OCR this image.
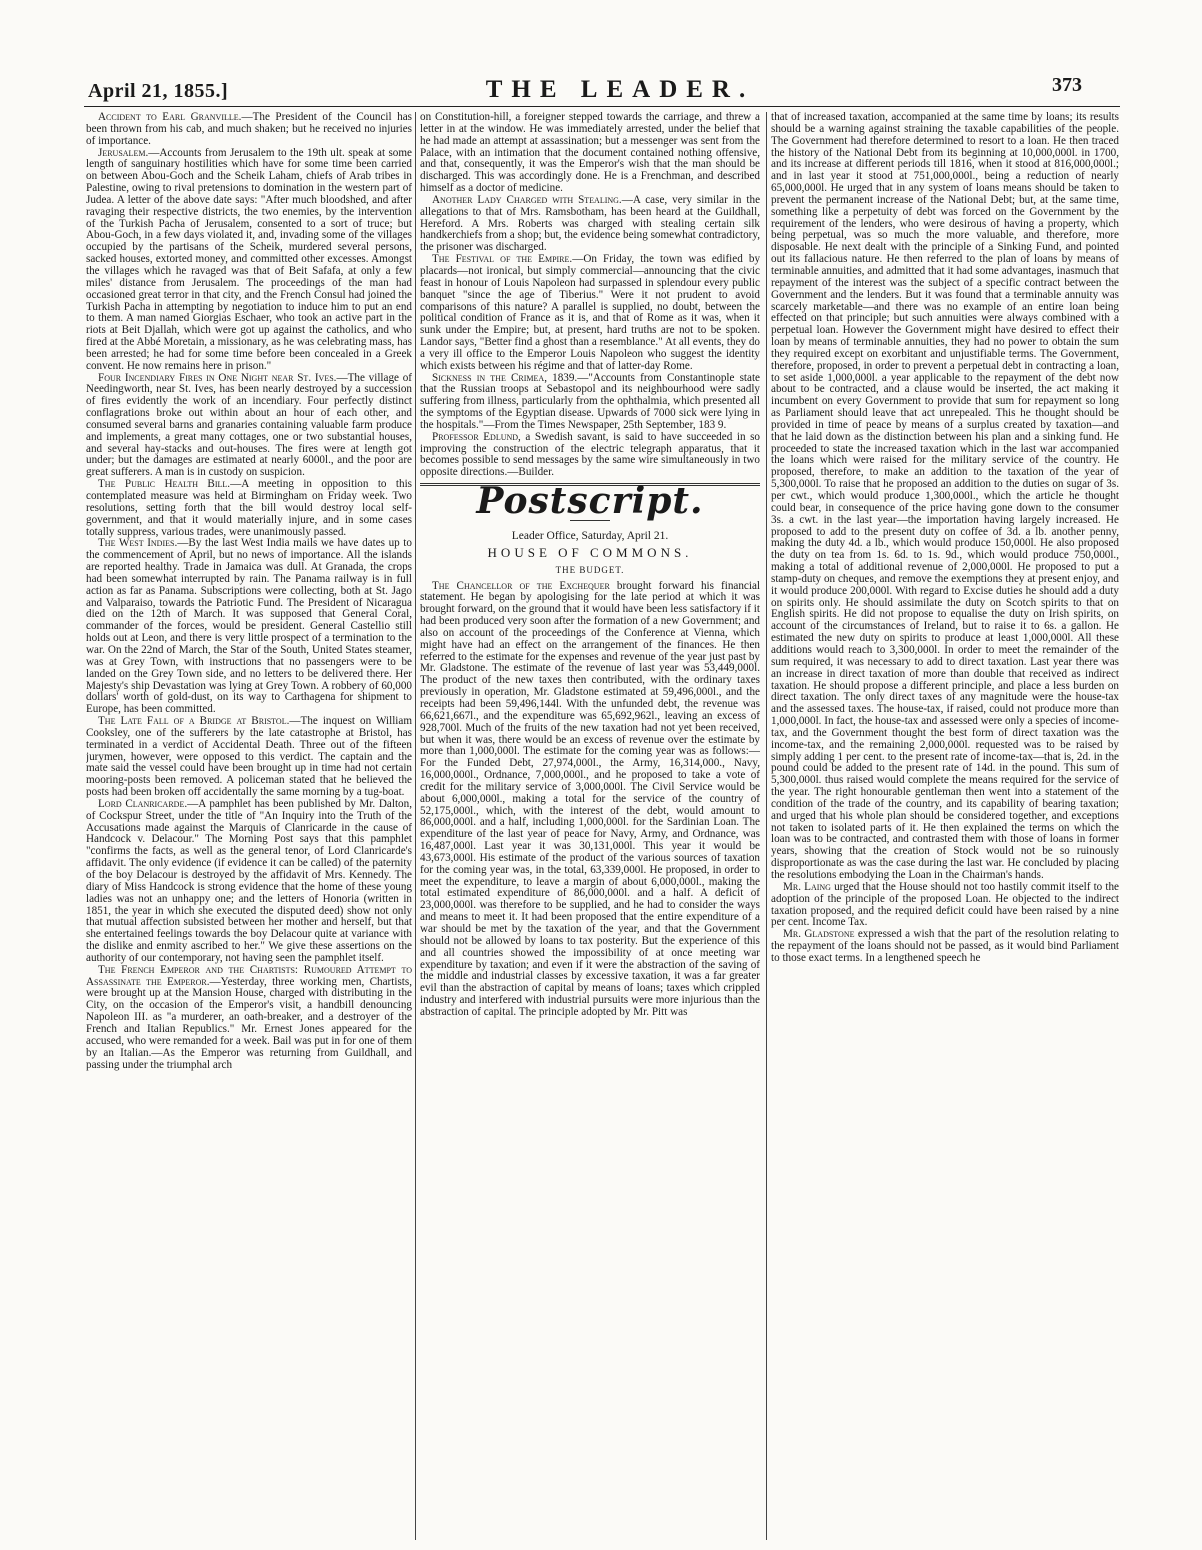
April 21, 1855.]	THE LEADER.	373

Accident to Earl Granville.—The President of the Council has been thrown from his cab, and much shaken; but he received no injuries of importance.

Jerusalem.—Accounts from Jerusalem to the 19th ult. speak at some length of sanguinary hostilities which have for some time been carried on between Abou-Goch and the Scheik Laham, chiefs of Arab tribes in Palestine, owing to rival pretensions to domination in the western part of Judea. A letter of the above date says: "After much bloodshed, and after ravaging their respective districts, the two enemies, by the intervention of the Turkish Pacha of Jerusalem, consented to a sort of truce; but Abou-Goch, in a few days violated it, and, invading some of the villages occupied by the partisans of the Scheik, murdered several persons, sacked houses, extorted money, and committed other excesses. Amongst the villages which he ravaged was that of Beit Safafa, at only a few miles' distance from Jerusalem. The proceedings of the man had occasioned great terror in that city, and the French Consul had joined the Turkish Pacha in attempting by negotiation to induce him to put an end to them. A man named Giorgias Eschaer, who took an active part in the riots at Beit Djallah, which were got up against the catholics, and who fired at the Abbé Moretain, a missionary, as he was celebrating mass, has been arrested; he had for some time before been concealed in a Greek convent. He now remains here in prison."

Four Incendiary Fires in One Night near St. Ives.—The village of Needingworth, near St. Ives, has been nearly destroyed by a succession of fires evidently the work of an incendiary. Four perfectly distinct conflagrations broke out within about an hour of each other, and consumed several barns and granaries containing valuable farm produce and implements, a great many cottages, one or two substantial houses, and several hay-stacks and out-houses. The fires were at length got under; but the damages are estimated at nearly 6000l., and the poor are great sufferers. A man is in custody on suspicion.

The Public Health Bill.—A meeting in opposition to this contemplated measure was held at Birmingham on Friday week. Two resolutions, setting forth that the bill would destroy local self-government, and that it would materially injure, and in some cases totally suppress, various trades, were unanimously passed.

The West Indies.—By the last West India mails we have dates up to the commencement of April, but no news of importance. All the islands are reported healthy. Trade in Jamaica was dull. At Granada, the crops had been somewhat interrupted by rain. The Panama railway is in full action as far as Panama. Subscriptions were collecting, both at St. Jago and Valparaiso, towards the Patriotic Fund. The President of Nicaragua died on the 12th of March. It was supposed that General Coral, commander of the forces, would be president. General Castellio still holds out at Leon, and there is very little prospect of a termination to the war. On the 22nd of March, the Star of the South, United States steamer, was at Grey Town, with instructions that no passengers were to be landed on the Grey Town side, and no letters to be delivered there. Her Majesty's ship Devastation was lying at Grey Town. A robbery of 60,000 dollars' worth of gold-dust, on its way to Carthagena for shipment to Europe, has been committed.

The Late Fall of a Bridge at Bristol.—The inquest on William Cooksley, one of the sufferers by the late catastrophe at Bristol, has terminated in a verdict of Accidental Death. Three out of the fifteen jurymen, however, were opposed to this verdict. The captain and the mate said the vessel could have been brought up in time had not certain mooring-posts been removed. A policeman stated that he believed the posts had been broken off accidentally the same morning by a tug-boat.

Lord Clanricarde.—A pamphlet has been published by Mr. Dalton, of Cockspur Street, under the title of "An Inquiry into the Truth of the Accusations made against the Marquis of Clanricarde in the cause of Handcock v. Delacour." The Morning Post says that this pamphlet "confirms the facts, as well as the general tenor, of Lord Clanricarde's affidavit. The only evidence (if evidence it can be called) of the paternity of the boy Delacour is destroyed by the affidavit of Mrs. Kennedy. The diary of Miss Handcock is strong evidence that the home of these young ladies was not an unhappy one; and the letters of Honoria (written in 1851, the year in which she executed the disputed deed) show not only that mutual affection subsisted between her mother and herself, but that she entertained feelings towards the boy Delacour quite at variance with the dislike and enmity ascribed to her." We give these assertions on the authority of our contemporary, not having seen the pamphlet itself.

The French Emperor and the Chartists: Rumoured Attempt to Assassinate the Emperor.—Yesterday, three working men, Chartists, were brought up at the Mansion House, charged with distributing in the City, on the occasion of the Emperor's visit, a handbill denouncing Napoleon III. as "a murderer, an oath-breaker, and a destroyer of the French and Italian Republics." Mr. Ernest Jones appeared for the accused, who were remanded for a week. Bail was put in for one of them by an Italian.—As the Emperor was returning from Guildhall, and passing under the triumphal arch

on Constitution-hill, a foreigner stepped towards the carriage, and threw a letter in at the window. He was immediately arrested, under the belief that he had made an attempt at assassination; but a messenger was sent from the Palace, with an intimation that the document contained nothing offensive, and that, consequently, it was the Emperor's wish that the man should be discharged. This was accordingly done. He is a Frenchman, and described himself as a doctor of medicine.

Another Lady Charged with Stealing.—A case, very similar in the allegations to that of Mrs. Ramsbotham, has been heard at the Guildhall, Hereford. A Mrs. Roberts was charged with stealing certain silk handkerchiefs from a shop; but, the evidence being somewhat contradictory, the prisoner was discharged.

The Festival of the Empire.—On Friday, the town was edified by placards—not ironical, but simply commercial—announcing that the civic feast in honour of Louis Napoleon had surpassed in splendour every public banquet "since the age of Tiberius." Were it not prudent to avoid comparisons of this nature? A parallel is supplied, no doubt, between the political condition of France as it is, and that of Rome as it was, when it sunk under the Empire; but, at present, hard truths are not to be spoken. Landor says, "Better find a ghost than a resemblance." At all events, they do a very ill office to the Emperor Louis Napoleon who suggest the identity which exists between his régime and that of latter-day Rome.

Sickness in the Crimea, 1839.—"Accounts from Constantinople state that the Russian troops at Sebastopol and its neighbourhood were sadly suffering from illness, particularly from the ophthalmia, which presented all the symptoms of the Egyptian disease. Upwards of 7000 sick were lying in the hospitals."—From the Times Newspaper, 25th September, 183 9.

Professor Edlund, a Swedish savant, is said to have succeeded in so improving the construction of the electric telegraph apparatus, that it becomes possible to send messages by the same wire simultaneously in two opposite directions.—Builder.

Postscript.

Leader Office, Saturday, April 21.

HOUSE OF COMMONS.

THE BUDGET.

The Chancellor of the Exchequer brought forward his financial statement. He began by apologising for the late period at which it was brought forward, on the ground that it would have been less satisfactory if it had been produced very soon after the formation of a new Government; and also on account of the proceedings of the Conference at Vienna, which might have had an effect on the arrangement of the finances. He then referred to the estimate for the expenses and revenue of the year just past by Mr. Gladstone. The estimate of the revenue of last year was 53,449,000l. The product of the new taxes then contributed, with the ordinary taxes previously in operation, Mr. Gladstone estimated at 59,496,000l., and the receipts had been 59,496,144l. With the unfunded debt, the revenue was 66,621,667l., and the expenditure was 65,692,962l., leaving an excess of 928,700l. Much of the fruits of the new taxation had not yet been received, but when it was, there would be an excess of revenue over the estimate by more than 1,000,000l. The estimate for the coming year was as follows:—For the Funded Debt, 27,974,000l., the Army, 16,314,000., Navy, 16,000,000l., Ordnance, 7,000,000l., and he proposed to take a vote of credit for the military service of 3,000,000l. The Civil Service would be about 6,000,000l., making a total for the service of the country of 52,175,000l., which, with the interest of the debt, would amount to 86,000,000l. and a half, including 1,000,000l. for the Sardinian Loan. The expenditure of the last year of peace for Navy, Army, and Ordnance, was 16,487,000l. Last year it was 30,131,000l. This year it would be 43,673,000l. His estimate of the product of the various sources of taxation for the coming year was, in the total, 63,339,000l. He proposed, in order to meet the expenditure, to leave a margin of about 6,000,000l., making the total estimated expenditure of 86,000,000l. and a half. A deficit of 23,000,000l. was therefore to be supplied, and he had to consider the ways and means to meet it. It had been proposed that the entire expenditure of a war should be met by the taxation of the year, and that the Government should not be allowed by loans to tax posterity. But the experience of this and all countries showed the impossibility of at once meeting war expenditure by taxation; and even if it were the abstraction of the saving of the middle and industrial classes by excessive taxation, it was a far greater evil than the abstraction of capital by means of loans; taxes which crippled industry and interfered with industrial pursuits were more injurious than the abstraction of capital. The principle adopted by Mr. Pitt was

that of increased taxation, accompanied at the same time by loans; its results should be a warning against straining the taxable capabilities of the people. The Government had therefore determined to resort to a loan. He then traced the history of the National Debt from its beginning at 10,000,000l. in 1700, and its increase at different periods till 1816, when it stood at 816,000,000l.; and in last year it stood at 751,000,000l., being a reduction of nearly 65,000,000l. He urged that in any system of loans means should be taken to prevent the permanent increase of the National Debt; but, at the same time, something like a perpetuity of debt was forced on the Government by the requirement of the lenders, who were desirous of having a property, which being perpetual, was so much the more valuable, and therefore, more disposable. He next dealt with the principle of a Sinking Fund, and pointed out its fallacious nature. He then referred to the plan of loans by means of terminable annuities, and admitted that it had some advantages, inasmuch that repayment of the interest was the subject of a specific contract between the Government and the lenders. But it was found that a terminable annuity was scarcely marketable—and there was no example of an entire loan being effected on that principle; but such annuities were always combined with a perpetual loan. However the Government might have desired to effect their loan by means of terminable annuities, they had no power to obtain the sum they required except on exorbitant and unjustifiable terms. The Government, therefore, proposed, in order to prevent a perpetual debt in contracting a loan, to set aside 1,000,000l. a year applicable to the repayment of the debt now about to be contracted, and a clause would be inserted, the act making it incumbent on every Government to provide that sum for repayment so long as Parliament should leave that act unrepealed. This he thought should be provided in time of peace by means of a surplus created by taxation—and that he laid down as the distinction between his plan and a sinking fund. He proceeded to state the increased taxation which in the last war accompanied the loans which were raised for the military service of the country. He proposed, therefore, to make an addition to the taxation of the year of 5,300,000l. To raise that he proposed an addition to the duties on sugar of 3s. per cwt., which would produce 1,300,000l., which the article he thought could bear, in consequence of the price having gone down to the consumer 3s. a cwt. in the last year—the importation having largely increased. He proposed to add to the present duty on coffee of 3d. a lb. another penny, making the duty 4d. a lb., which would produce 150,000l. He also proposed the duty on tea from 1s. 6d. to 1s. 9d., which would produce 750,000l., making a total of additional revenue of 2,000,000l. He proposed to put a stamp-duty on cheques, and remove the exemptions they at present enjoy, and it would produce 200,000l. With regard to Excise duties he should add a duty on spirits only. He should assimilate the duty on Scotch spirits to that on English spirits. He did not propose to equalise the duty on Irish spirits, on account of the circumstances of Ireland, but to raise it to 6s. a gallon. He estimated the new duty on spirits to produce at least 1,000,000l. All these additions would reach to 3,300,000l. In order to meet the remainder of the sum required, it was necessary to add to direct taxation. Last year there was an increase in direct taxation of more than double that received as indirect taxation. He should propose a different principle, and place a less burden on direct taxation. The only direct taxes of any magnitude were the house-tax and the assessed taxes. The house-tax, if raised, could not produce more than 1,000,000l. In fact, the house-tax and assessed were only a species of income-tax, and the Government thought the best form of direct taxation was the income-tax, and the remaining 2,000,000l. requested was to be raised by simply adding 1 per cent. to the present rate of income-tax—that is, 2d. in the pound could be added to the present rate of 14d. in the pound. This sum of 5,300,000l. thus raised would complete the means required for the service of the year. The right honourable gentleman then went into a statement of the condition of the trade of the country, and its capability of bearing taxation; and urged that his whole plan should be considered together, and exceptions not taken to isolated parts of it. He then explained the terms on which the loan was to be contracted, and contrasted them with those of loans in former years, showing that the creation of Stock would not be so ruinously disproportionate as was the case during the last war. He concluded by placing the resolutions embodying the Loan in the Chairman's hands.

Mr. Laing urged that the House should not too hastily commit itself to the adoption of the principle of the proposed Loan. He objected to the indirect taxation proposed, and the required deficit could have been raised by a nine per cent. Income Tax.

Mr. Gladstone expressed a wish that the part of the resolution relating to the repayment of the loans should not be passed, as it would bind Parliament to those exact terms. In a lengthened speech he
